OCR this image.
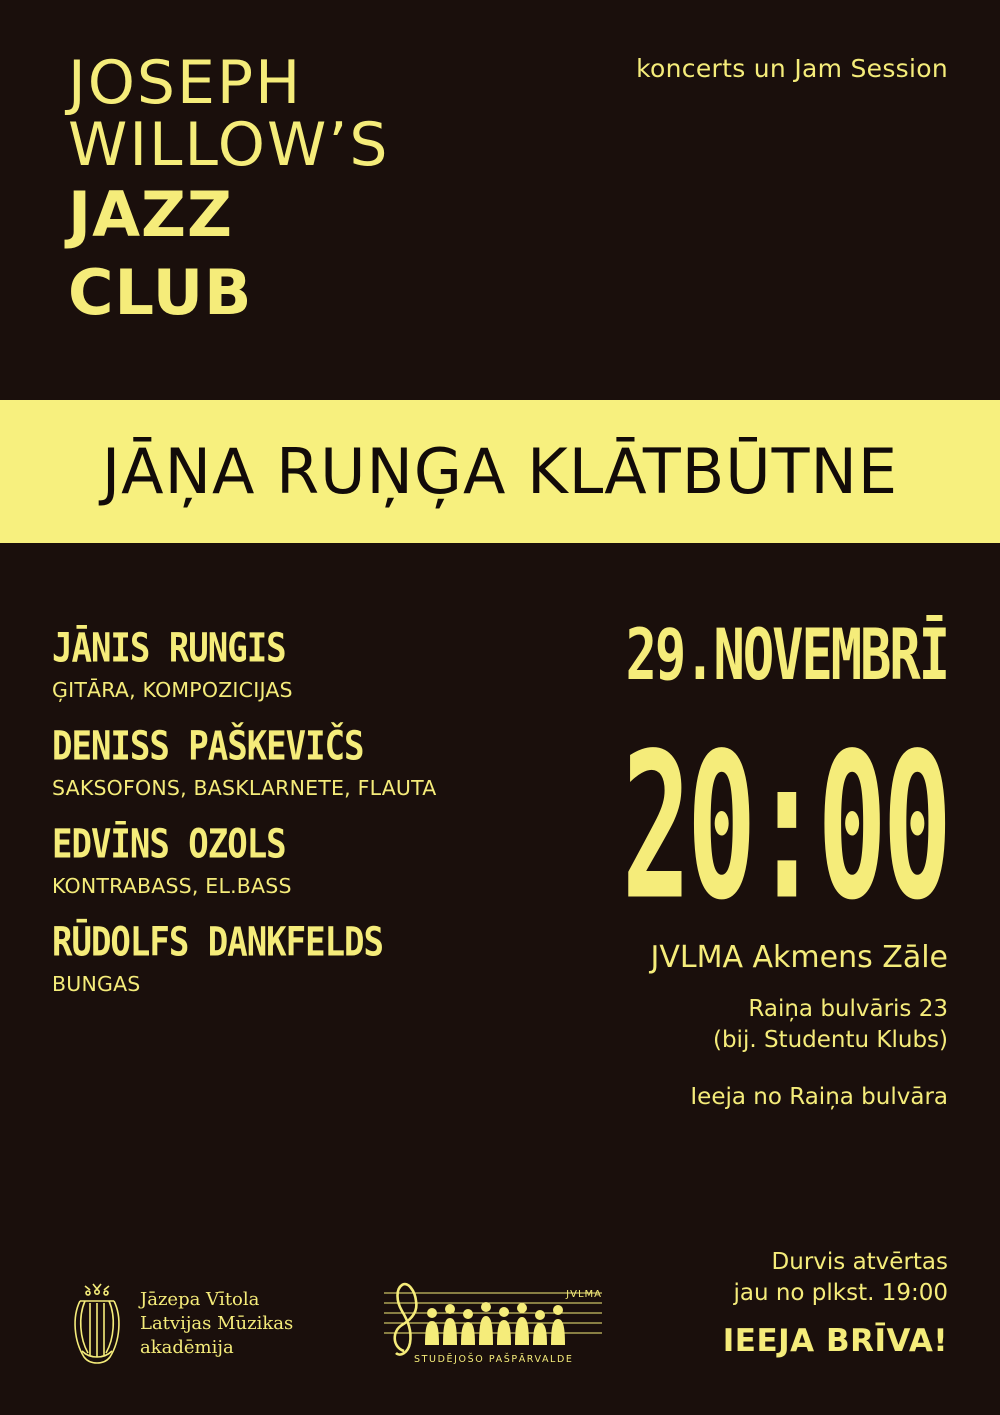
koncerts un Jam Session
JOSEPH
WILLOW’S
JAZZ
CLUB
JĀŅA RUŅĢA KLĀTBŪTNE
JĀNIS RUNGIS
ĢITĀRA, KOMPOZICIJAS
DENISS PAŠKEVIČS
SAKSOFONS, BASKLARNETE, FLAUTA
EDVĪNS OZOLS
KONTRABASS, EL.BASS
RŪDOLFS DANKFELDS
BUNGAS
29.NOVEMBRĪ
20:00
JVLMA Akmens Zāle
Raiņa bulvāris 23
(bij. Studentu Klubs)
Ieeja no Raiņa bulvāra
Durvis atvērtas
jau no plkst. 19:00
IEEJA BRĪVA!
Jāzepa Vītola
Latvijas Mūzikas
akadēmija
JVLMA
STUDĒJOŠO PAŠPĀRVALDE
